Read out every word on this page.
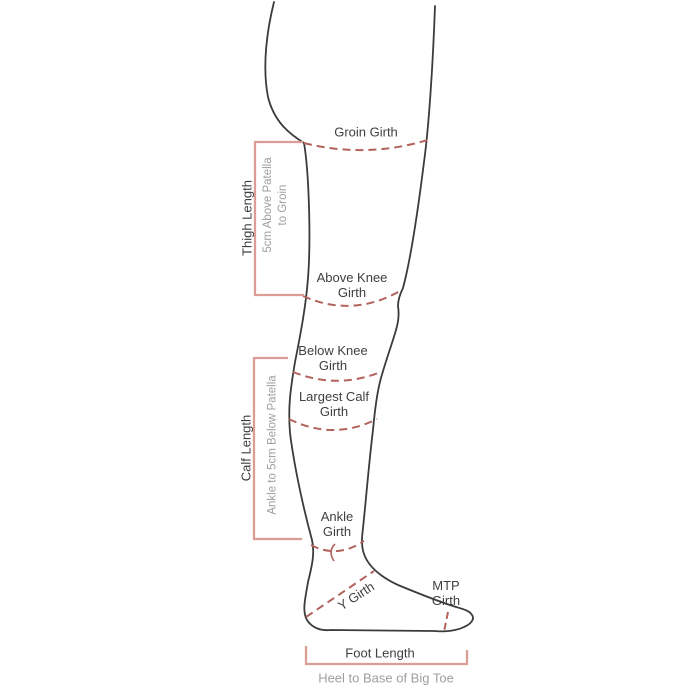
Groin Girth
Above Knee
Girth
Below Knee
Girth
Largest Calf
Girth
Ankle
Girth
Y Girth	MTP
Girth
Thigh Length 5cm Above Patella to Groin
Calf Length Ankle to 5cm Below Patella
Foot Length
Heel to Base of Big Toe
